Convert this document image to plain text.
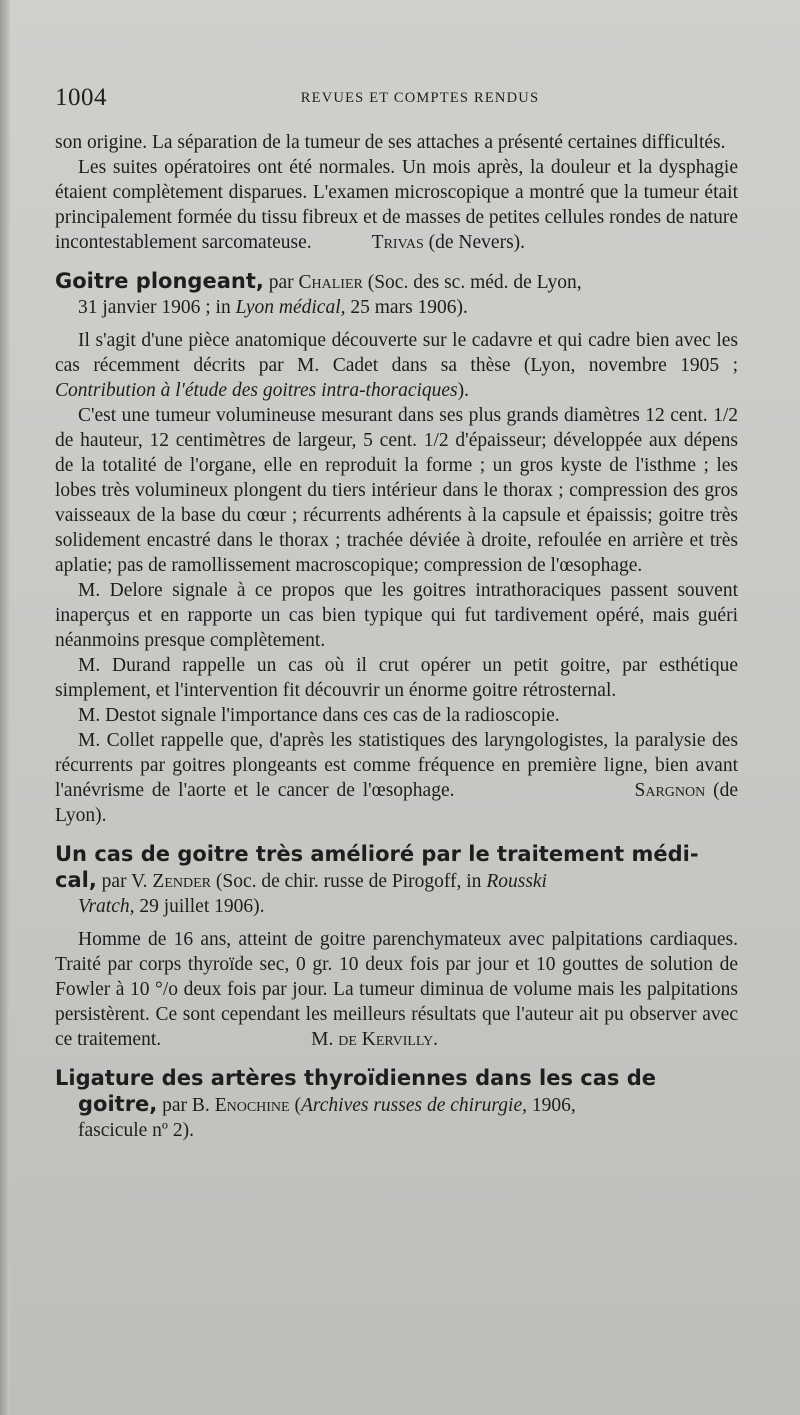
1004	REVUES ET COMPTES RENDUS

son origine. La séparation de la tumeur de ses attaches a présenté certaines difficultés.

Les suites opératoires ont été normales. Un mois après, la douleur et la dysphagie étaient complètement disparues. L'examen microscopique a montré que la tumeur était principalement formée du tissu fibreux et de masses de petites cellules rondes de nature incontestablement sarcomateuse.	Trivas (de Nevers).

Goitre plongeant, par Chalier (Soc. des sc. méd. de Lyon,
31 janvier 1906 ; in Lyon médical, 25 mars 1906).

Il s'agit d'une pièce anatomique découverte sur le cadavre et qui cadre bien avec les cas récemment décrits par M. Cadet dans sa thèse (Lyon, novembre 1905 ; Contribution à l'étude des goitres intra-thoraciques).

C'est une tumeur volumineuse mesurant dans ses plus grands diamètres 12 cent. 1/2 de hauteur, 12 centimètres de largeur, 5 cent. 1/2 d'épaisseur; développée aux dépens de la totalité de l'organe, elle en reproduit la forme ; un gros kyste de l'isthme ; les lobes très volumineux plongent du tiers intérieur dans le thorax ; compression des gros vaisseaux de la base du cœur ; récurrents adhérents à la capsule et épaissis; goitre très solidement encastré dans le thorax ; trachée déviée à droite, refoulée en arrière et très aplatie; pas de ramollissement macroscopique; compression de l'œsophage.

M. Delore signale à ce propos que les goitres intrathoraciques passent souvent inaperçus et en rapporte un cas bien typique qui fut tardivement opéré, mais guéri néanmoins presque complètement.

M. Durand rappelle un cas où il crut opérer un petit goitre, par esthétique simplement, et l'intervention fit découvrir un énorme goitre rétrosternal.

M. Destot signale l'importance dans ces cas de la radioscopie.

M. Collet rappelle que, d'après les statistiques des laryngologistes, la paralysie des récurrents par goitres plongeants est comme fréquence en première ligne, bien avant l'anévrisme de l'aorte et le cancer de l'œsophage.	Sargnon (de Lyon).

Un cas de goitre très amélioré par le traitement médi-
cal, par V. Zender (Soc. de chir. russe de Pirogoff, in Rousski
Vratch, 29 juillet 1906).

Homme de 16 ans, atteint de goitre parenchymateux avec palpitations cardiaques. Traité par corps thyroïde sec, 0 gr. 10 deux fois par jour et 10 gouttes de solution de Fowler à 10 °/o deux fois par jour. La tumeur diminua de volume mais les palpitations persistèrent. Ce sont cependant les meilleurs résultats que l'auteur ait pu observer avec ce traitement.	M. de Kervilly.

Ligature des artères thyroïdiennes dans les cas de
goitre, par B. Enochine (Archives russes de chirurgie, 1906,
fascicule nº 2).
